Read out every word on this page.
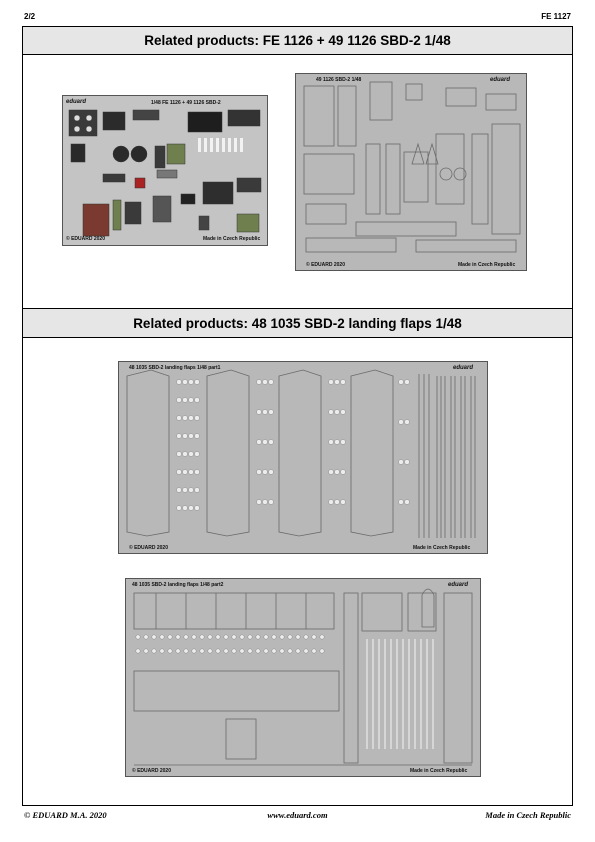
2/2	FE 1127
Related products: FE 1126 + 49 1126 SBD-2 1/48
Related products: 48 1035 SBD-2 landing flaps 1/48
eduard	1/48 FE 1126 + 49 1126 SBD-2
© EDUARD 2020	Made in Czech Republic
49 1126 SBD-2 1/48	eduard
© EDUARD 2020	Made in Czech Republic
48 1035 SBD-2 landing flaps 1/48 part1	eduard
© EDUARD 2020	Made in Czech Republic
48 1035 SBD-2 landing flaps 1/48 part2	eduard
© EDUARD 2020	Made in Czech Republic
© EDUARD M.A. 2020	www.eduard.com	Made in Czech Republic
